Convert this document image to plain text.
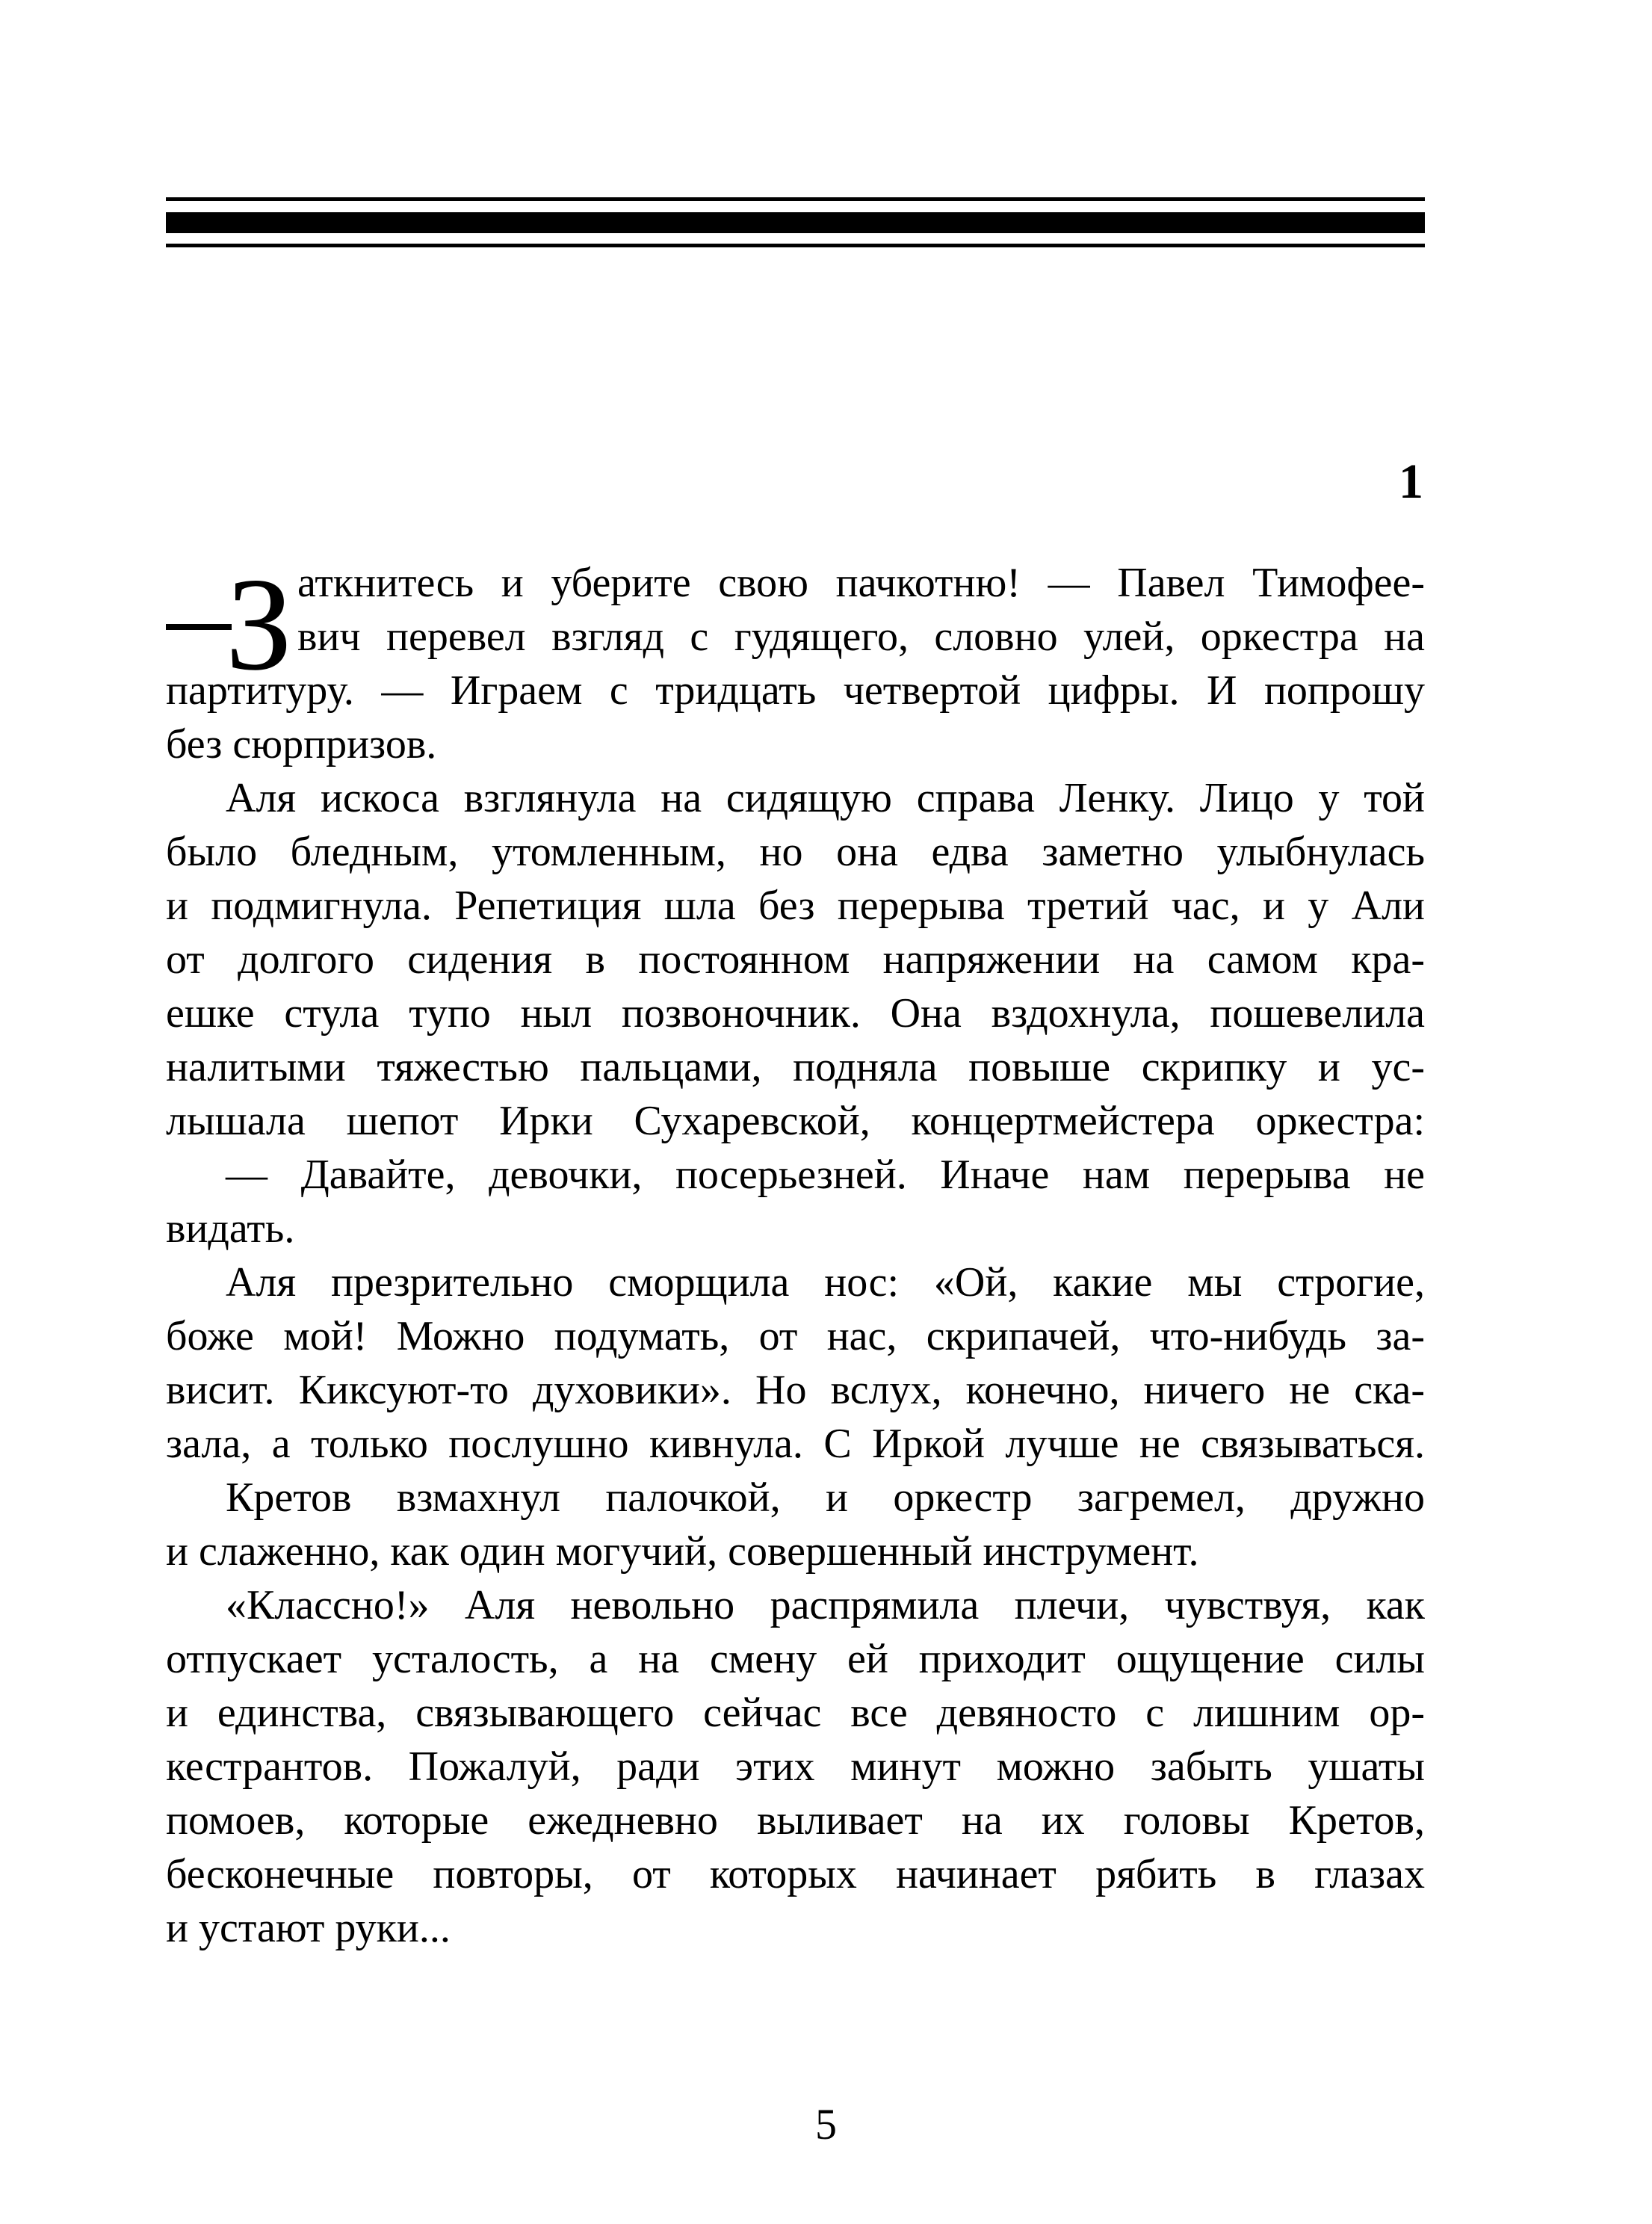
1
З аткнитесь и уберите свою пачкотню! — Павел Тимофее-
вич перевел взгляд с гудящего, словно улей, оркестра на
партитуру. — Играем с тридцать четвертой цифры. И попрошу
без сюрпризов.
Аля искоса взглянула на сидящую справа Ленку. Лицо у той
было бледным, утомленным, но она едва заметно улыбнулась
и подмигнула. Репетиция шла без перерыва третий час, и у Али
от долгого сидения в постоянном напряжении на самом кра-
ешке стула тупо ныл позвоночник. Она вздохнула, пошевелила
налитыми тяжестью пальцами, подняла повыше скрипку и ус-
лышала шепот Ирки Сухаревской, концертмейстера оркестра:
— Давайте, девочки, посерьезней. Иначе нам перерыва не
видать.
Аля презрительно сморщила нос: «Ой, какие мы строгие,
боже мой! Можно подумать, от нас, скрипачей, что-нибудь за-
висит. Киксуют-то духовики». Но вслух, конечно, ничего не ска-
зала, а только послушно кивнула. С Иркой лучше не связываться.
Кретов взмахнул палочкой, и оркестр загремел, дружно
и слаженно, как один могучий, совершенный инструмент.
«Классно!» Аля невольно распрямила плечи, чувствуя, как
отпускает усталость, а на смену ей приходит ощущение силы
и единства, связывающего сейчас все девяносто с лишним ор-
кестрантов. Пожалуй, ради этих минут можно забыть ушаты
помоев, которые ежедневно выливает на их головы Кретов,
бесконечные повторы, от которых начинает рябить в глазах
и устают руки...
5
